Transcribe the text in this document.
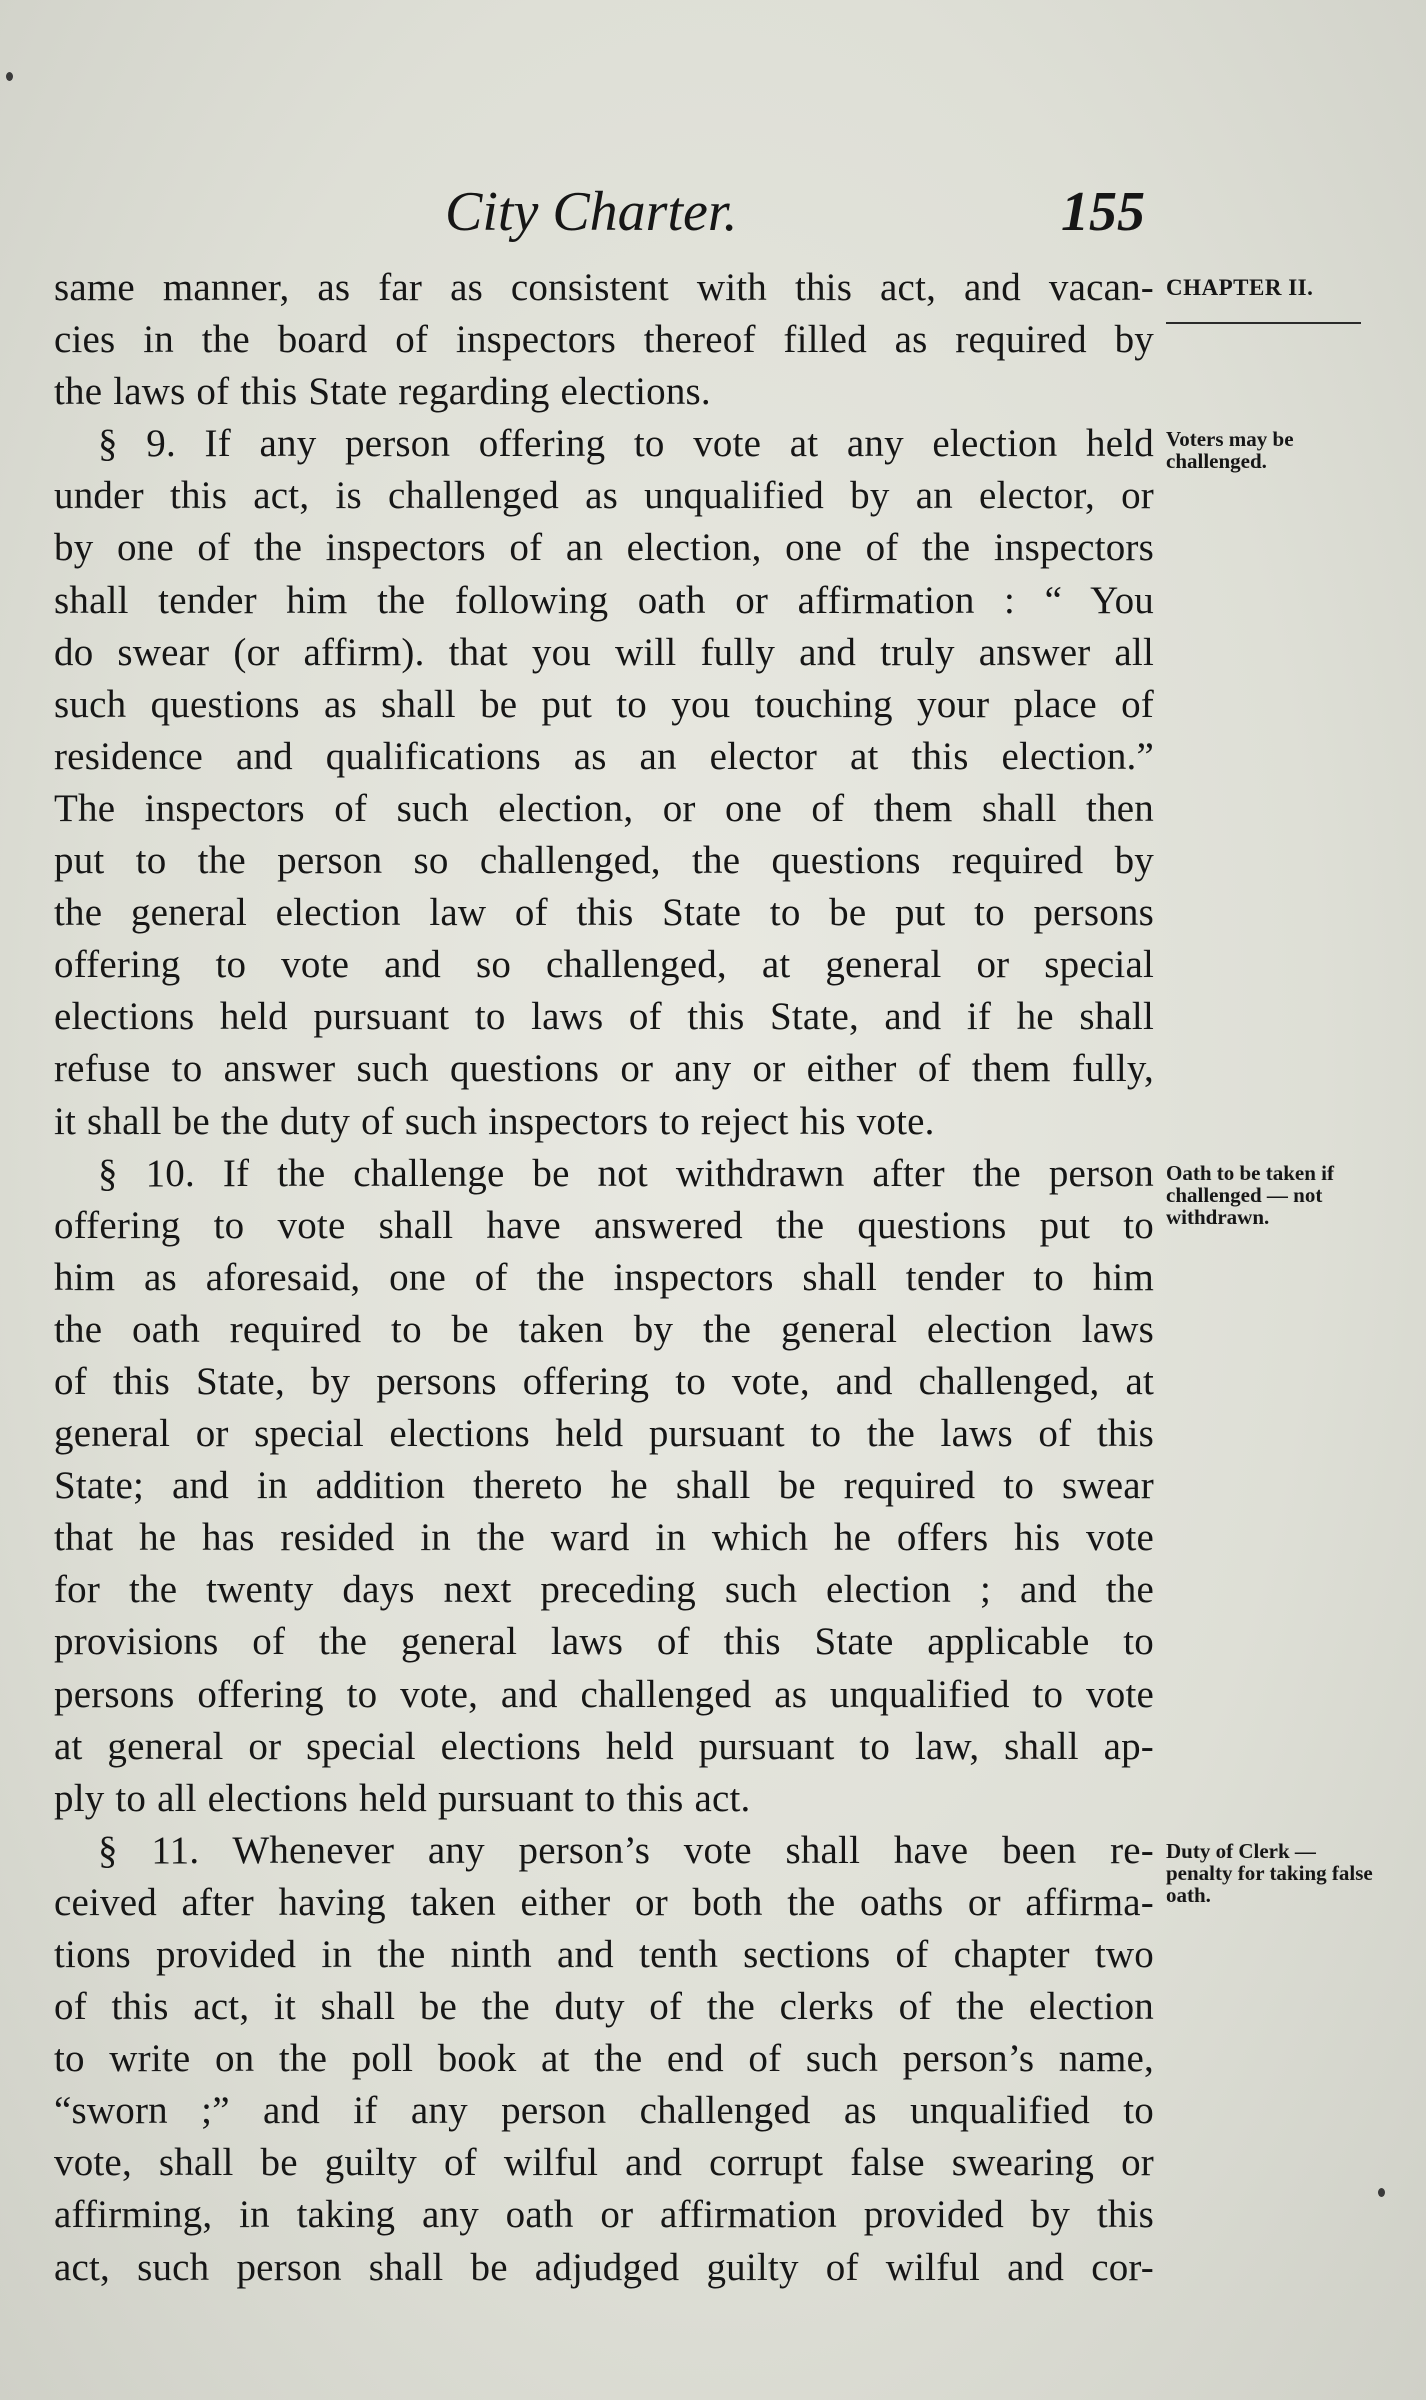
City Charter.	155
CHAPTER II.
Voters may be challenged.
Oath to be taken if challenged — not withdrawn.
Duty of Clerk — penalty for taking false oath.
same manner, as far as consistent with this act, and vacan-
cies in the board of inspectors thereof filled as required by
the laws of this State regarding elections.
§ 9. If any person offering to vote at any election held
under this act, is challenged as unqualified by an elector, or
by one of the inspectors of an election, one of the inspectors
shall tender him the following oath or affirmation : “ You
do swear (or affirm). that you will fully and truly answer all
such questions as shall be put to you touching your place of
residence and qualifications as an elector at this election.”
The inspectors of such election, or one of them shall then
put to the person so challenged, the questions required by
the general election law of this State to be put to persons
offering to vote and so challenged, at general or special
elections held pursuant to laws of this State, and if he shall
refuse to answer such questions or any or either of them fully,
it shall be the duty of such inspectors to reject his vote.
§ 10. If the challenge be not withdrawn after the person
offering to vote shall have answered the questions put to
him as aforesaid, one of the inspectors shall tender to him
the oath required to be taken by the general election laws
of this State, by persons offering to vote, and challenged, at
general or special elections held pursuant to the laws of this
State; and in addition thereto he shall be required to swear
that he has resided in the ward in which he offers his vote
for the twenty days next preceding such election ; and the
provisions of the general laws of this State applicable to
persons offering to vote, and challenged as unqualified to vote
at general or special elections held pursuant to law, shall ap-
ply to all elections held pursuant to this act.
§ 11. Whenever any person’s vote shall have been re-
ceived after having taken either or both the oaths or affirma-
tions provided in the ninth and tenth sections of chapter two
of this act, it shall be the duty of the clerks of the election
to write on the poll book at the end of such person’s name,
“sworn ;” and if any person challenged as unqualified to
vote, shall be guilty of wilful and corrupt false swearing or
affirming, in taking any oath or affirmation provided by this
act, such person shall be adjudged guilty of wilful and cor-
